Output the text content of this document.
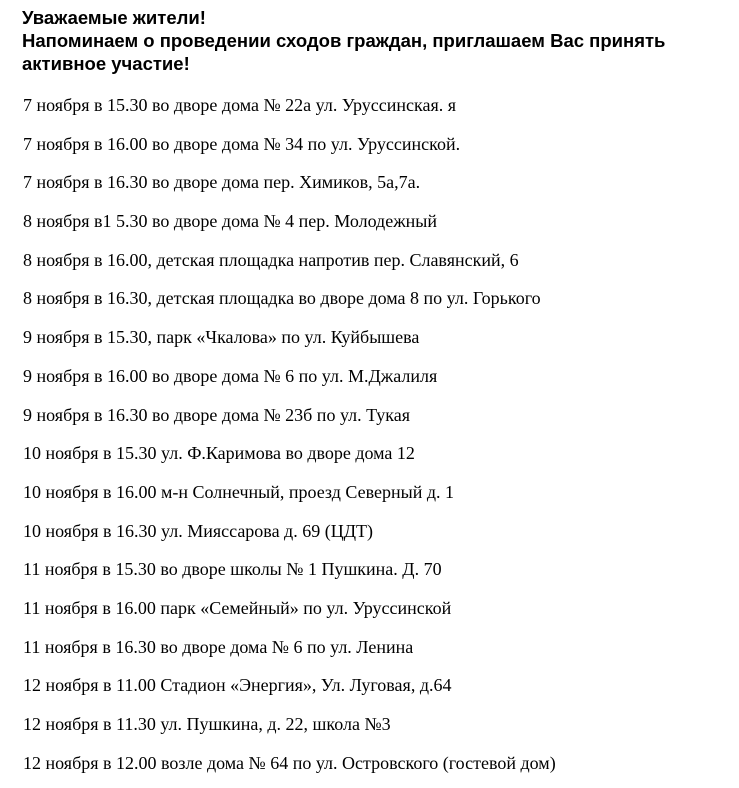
Уважаемые жители!
Напоминаем о проведении сходов граждан, приглашаем Вас принять
активное участие!
7 ноября в 15.30 во дворе дома № 22а ул. Уруссинская. я
7 ноября в 16.00 во дворе дома № 34 по ул. Уруссинской.
7 ноября в 16.30 во дворе дома пер. Химиков, 5а,7а.
8 ноября в1 5.30 во дворе дома № 4 пер. Молодежный
8 ноября в 16.00, детская площадка напротив пер. Славянский, 6
8 ноября в 16.30, детская площадка во дворе дома 8 по ул. Горького
9 ноября в 15.30, парк «Чкалова» по ул. Куйбышева
9 ноября в 16.00 во дворе дома № 6 по ул. М.Джалиля
9 ноября в 16.30 во дворе дома № 23б по ул. Тукая
10 ноября в 15.30 ул. Ф.Каримова во дворе дома 12
10 ноября в 16.00 м-н Солнечный, проезд Северный д. 1
10 ноября в 16.30 ул. Мияссарова д. 69 (ЦДТ)
11 ноября в 15.30 во дворе школы № 1 Пушкина. Д. 70
11 ноября в 16.00 парк «Семейный» по ул. Уруссинской
11 ноября в 16.30 во дворе дома № 6 по ул. Ленина
12 ноября в 11.00 Стадион «Энергия», Ул. Луговая, д.64
12 ноября в 11.30 ул. Пушкина, д. 22, школа №3
12 ноября в 12.00 возле дома № 64 по ул. Островского (гостевой дом)
